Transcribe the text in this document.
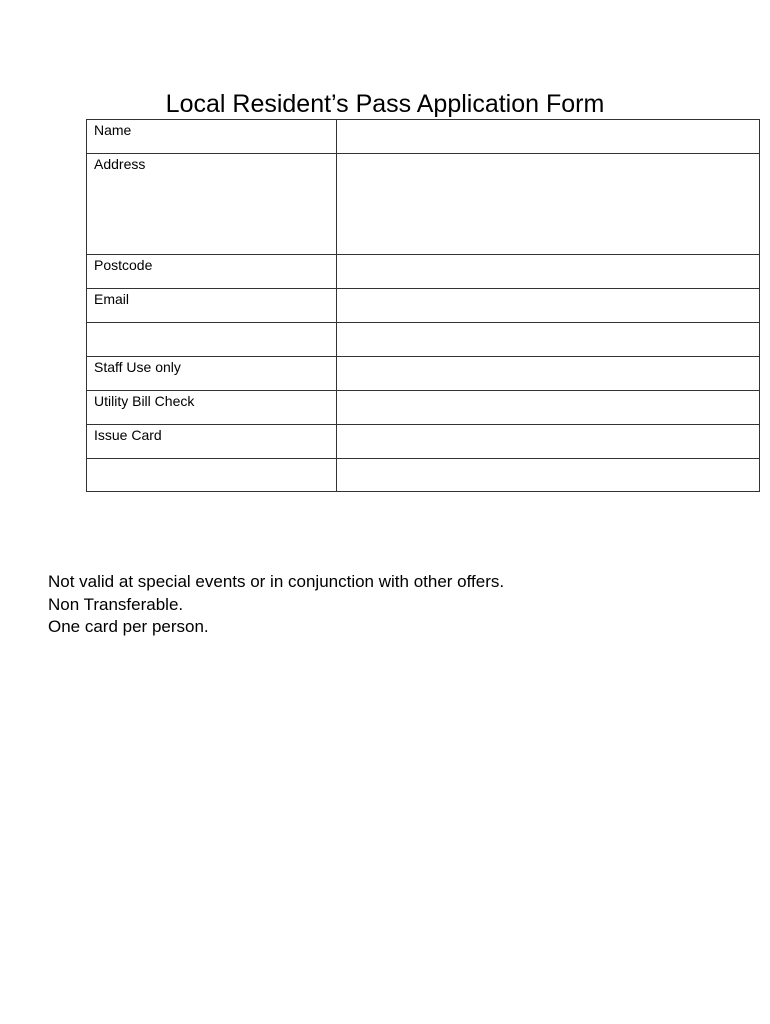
Local Resident’s Pass Application Form
Name	

Address	

Postcode	

Email	

Staff Use only	

Utility Bill Check	

Issue Card	

Not valid at special events or in conjunction with other offers.
Non Transferable.
One card per person.
